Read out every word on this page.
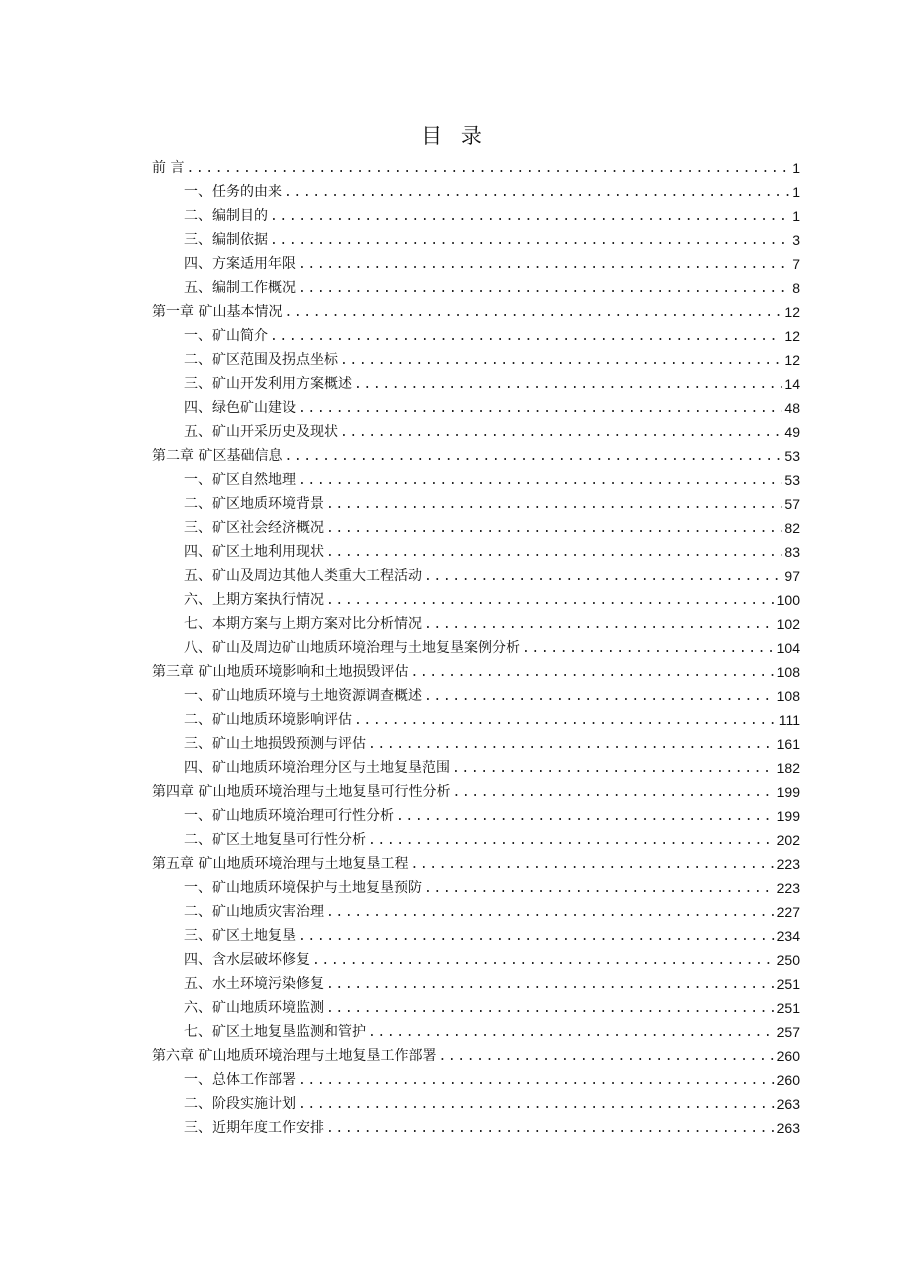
目 录
前 言 .....	1
一、任务的由来 .....	1
二、编制目的 .....	1
三、编制依据 .....	3
四、方案适用年限 .....	7
五、编制工作概况 .....	8
第一章 矿山基本情况 .....	12
一、矿山简介 .....	12
二、矿区范围及拐点坐标 .....	12
三、矿山开发利用方案概述 .....	14
四、绿色矿山建设 .....	48
五、矿山开采历史及现状 .....	49
第二章 矿区基础信息 .....	53
一、矿区自然地理 .....	53
二、矿区地质环境背景 .....	57
三、矿区社会经济概况 .....	82
四、矿区土地利用现状 .....	83
五、矿山及周边其他人类重大工程活动 .....	97
六、上期方案执行情况 .....	100
七、本期方案与上期方案对比分析情况 .....	102
八、矿山及周边矿山地质环境治理与土地复垦案例分析 .....	104
第三章 矿山地质环境影响和土地损毁评估 .....	108
一、矿山地质环境与土地资源调查概述 .....	108
二、矿山地质环境影响评估 .....	111
三、矿山土地损毁预测与评估 .....	161
四、矿山地质环境治理分区与土地复垦范围 .....	182
第四章 矿山地质环境治理与土地复垦可行性分析 .....	199
一、矿山地质环境治理可行性分析 .....	199
二、矿区土地复垦可行性分析 .....	202
第五章 矿山地质环境治理与土地复垦工程 .....	223
一、矿山地质环境保护与土地复垦预防 .....	223
二、矿山地质灾害治理 .....	227
三、矿区土地复垦 .....	234
四、含水层破坏修复 .....	250
五、水土环境污染修复 .....	251
六、矿山地质环境监测 .....	251
七、矿区土地复垦监测和管护 .....	257
第六章 矿山地质环境治理与土地复垦工作部署 .....	260
一、总体工作部署 .....	260
二、阶段实施计划 .....	263
三、近期年度工作安排 .....	263
